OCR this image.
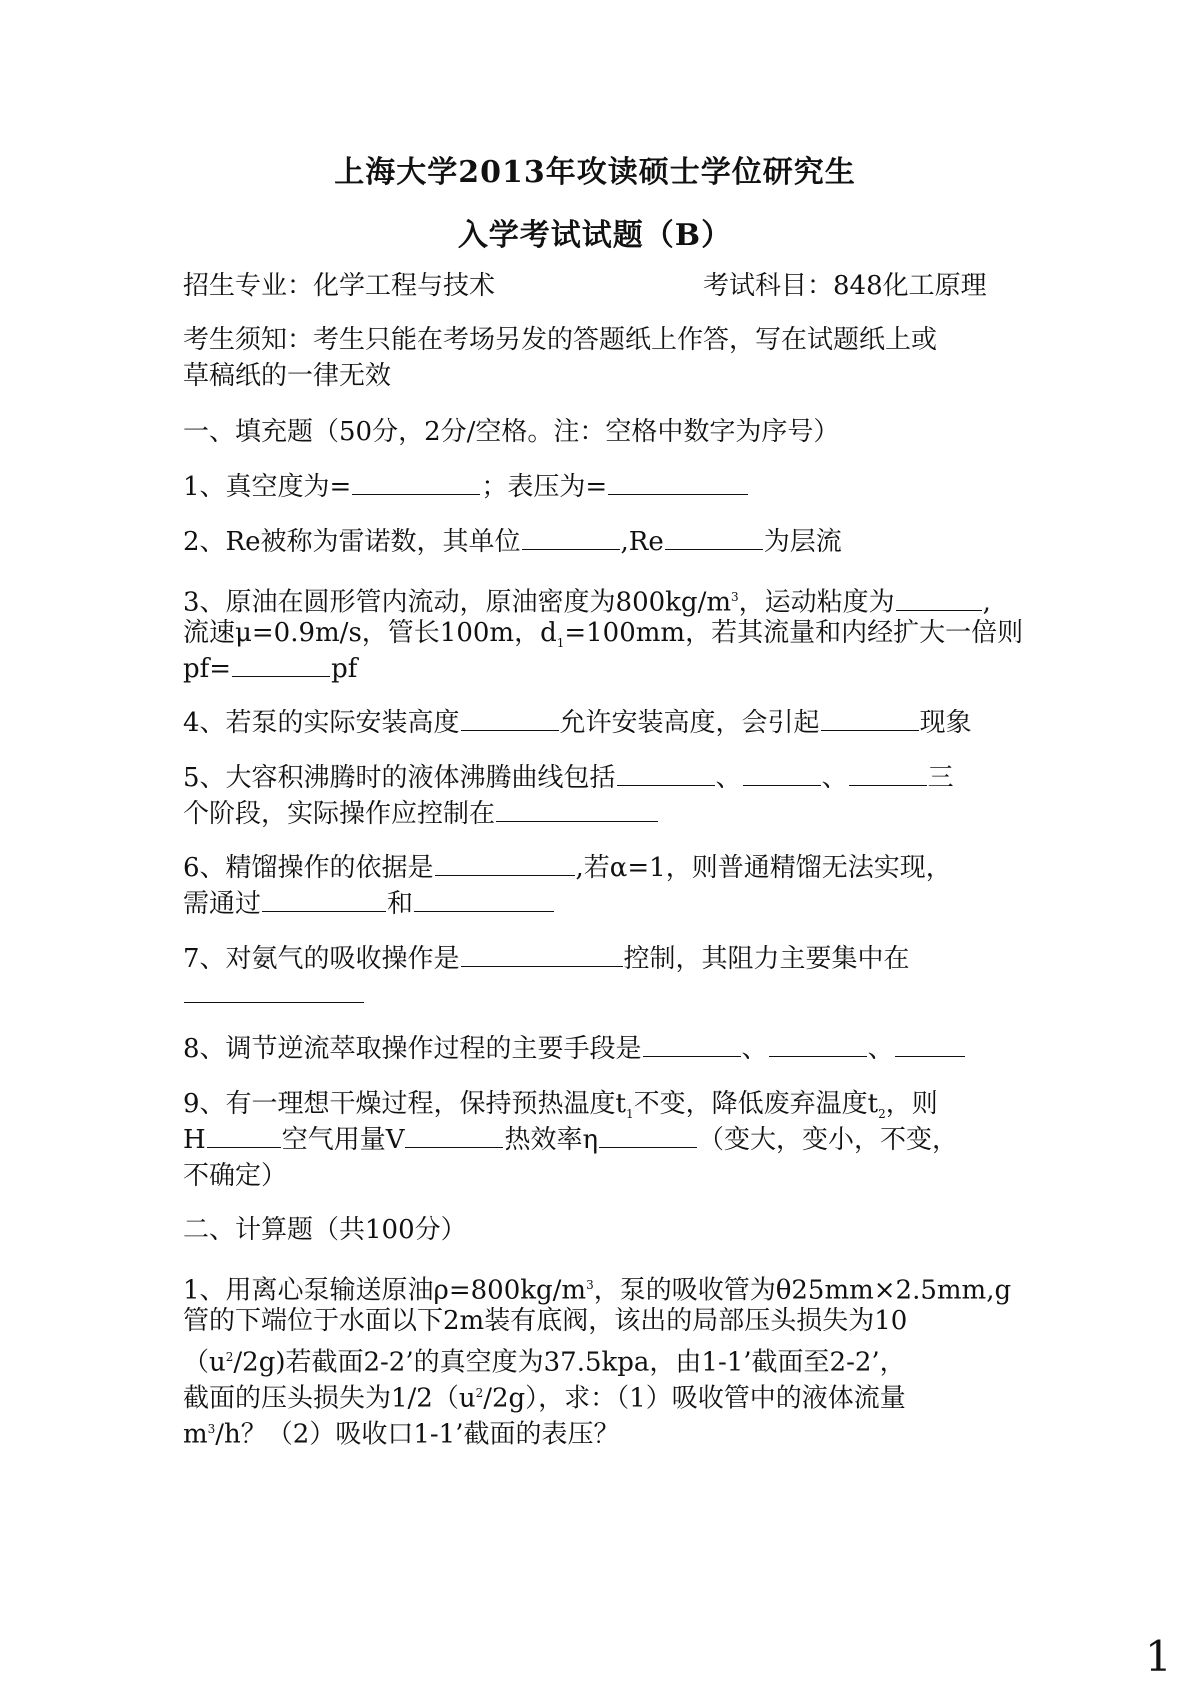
上海大学2013年攻读硕士学位研究生
入学考试试题（B）
招生专业：化学工程与技术	考试科目：848化工原理
考生须知：考生只能在考场另发的答题纸上作答，写在试题纸上或
草稿纸的一律无效
一、填充题（50分，2分/空格。注：空格中数字为序号）
1、真空度为=	；表压为=
2、Re被称为雷诺数，其单位	,Re	为层流
3、原油在圆形管内流动，原油密度为$800kg/m^3$，运动粘度为	,
流速μ=0.9m/s，管长100m，$d_1=100mm$，若其流量和内经扩大一倍则
pf=	pf
4、若泵的实际安装高度	允许安装高度，会引起	现象
5、大容积沸腾时的液体沸腾曲线包括	、	、	三
个阶段，实际操作应控制在
6、精馏操作的依据是	,若α=1，则普通精馏无法实现，
需通过	和
7、对氨气的吸收操作是	控制，其阻力主要集中在
8、调节逆流萃取操作过程的主要手段是	、	、
9、有一理想干燥过程，保持预热温度$t_1$不变，降低废弃温度$t_2$，则
H	空气用量V	热效率η	（变大，变小，不变，
不确定）
二、计算题（共100分）
1、用离心泵输送原油$\rho=800kg/m^3$，泵的吸收管为θ25mm×2.5mm,g
管的下端位于水面以下2m装有底阀，该出的局部压头损失为10
$(u^2/2g)$若截面2-2’的真空度为37.5kpa，由1-1’截面至2-2’，
截面的压头损失为$1/2(u^2/2g)$，求：（1）吸收管中的液体流量
$m^3/h$？（2）吸收口1-1’截面的表压？
1
